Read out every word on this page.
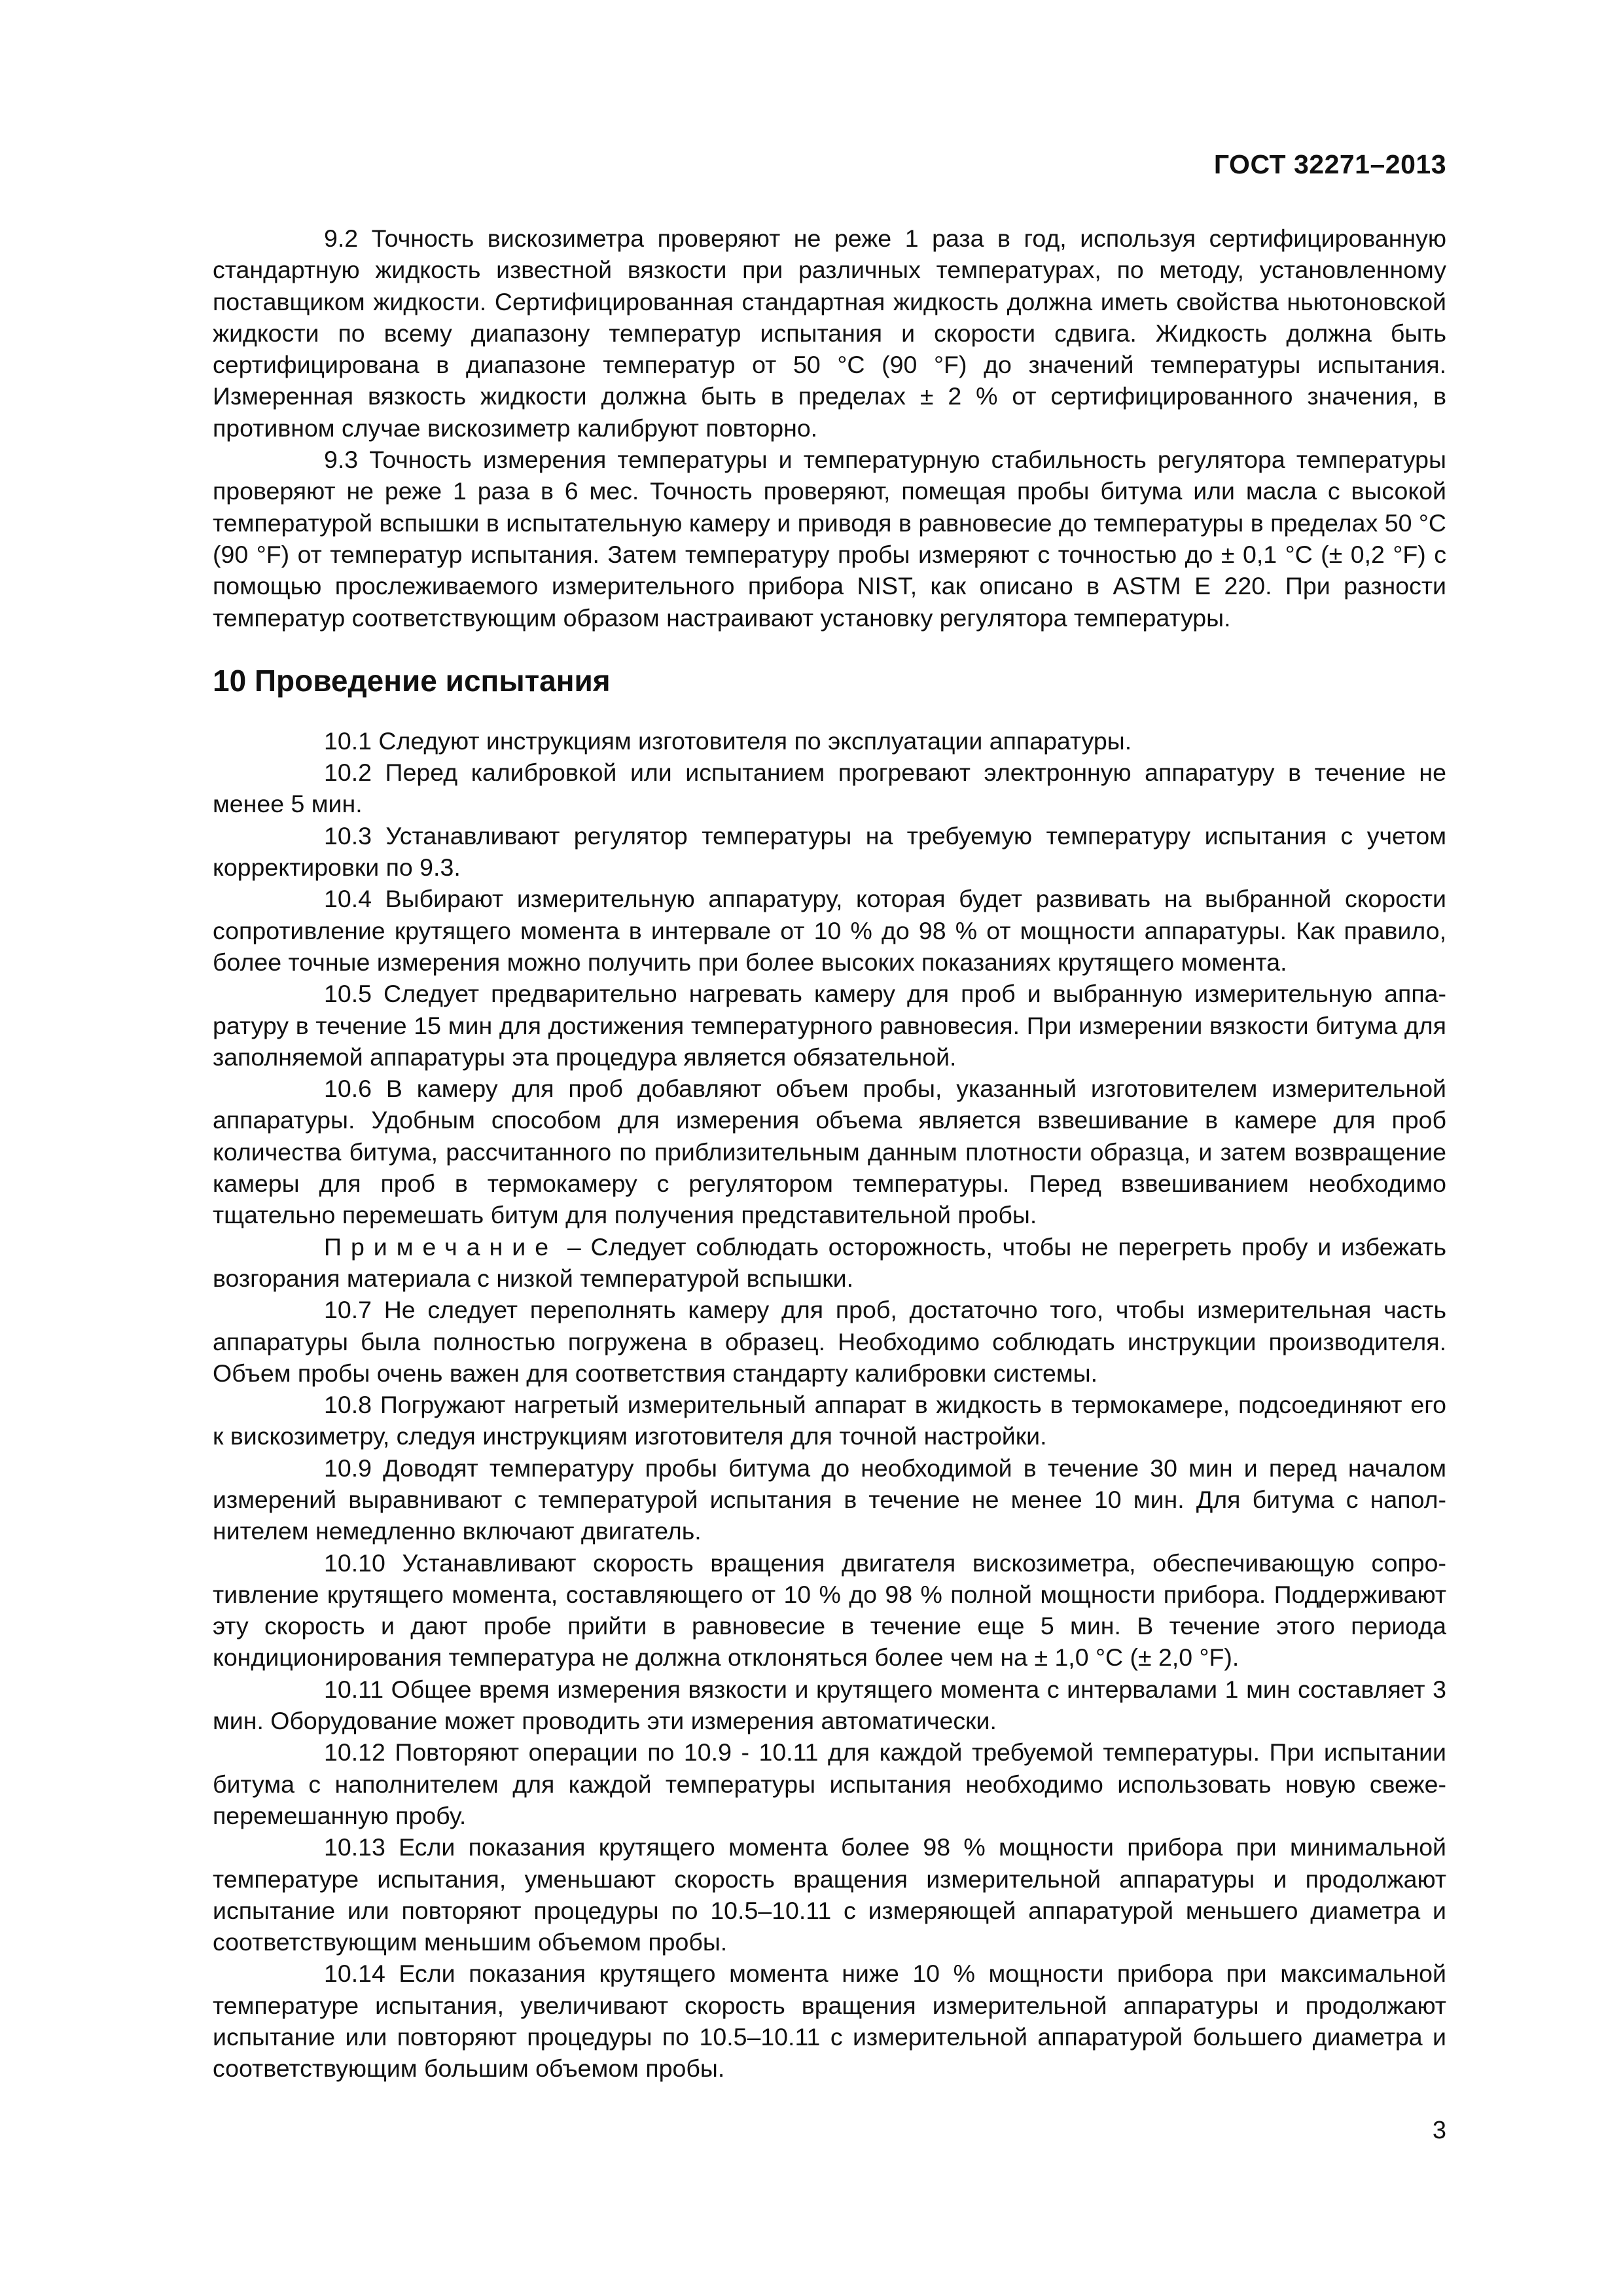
ГОСТ 32271–2013

9.2 Точность вискозиметра проверяют не реже 1 раза в год, используя сертифицированную стандартную жидкость известной вязкости при различных температурах, по методу, установленному поставщиком жидкости. Сертифицированная стандартная жидкость должна иметь свойства ньютоновской жидкости по всему диапазону температур испытания и скорости сдвига. Жидкость должна быть сертифицирована в диапазоне температур от 50 °С (90 °F) до значений температуры испытания. Измеренная вязкость жидкости должна быть в пределах ± 2 % от сертифицированного значения, в противном случае вискозиметр калибруют повторно.

9.3 Точность измерения температуры и температурную стабильность регулятора температуры проверяют не реже 1 раза в 6 мес. Точность проверяют, помещая пробы битума или масла с высокой температурой вспышки в испытательную камеру и приводя в равновесие до температуры в пределах 50 °С (90 °F) от температур испытания. Затем температуру пробы измеряют с точностью до ± 0,1 °С (± 0,2 °F) с помощью прослеживаемого измерительного прибора NIST, как описано в ASTM E 220. При разности температур соответствующим образом настраивают установку регулятора температуры.

10 Проведение испытания

10.1 Следуют инструкциям изготовителя по эксплуатации аппаратуры.

10.2 Перед калибровкой или испытанием прогревают электронную аппаратуру в течение не менее 5 мин.

10.3 Устанавливают регулятор температуры на требуемую температуру испытания с учетом корректировки по 9.3.

10.4 Выбирают измерительную аппаратуру, которая будет развивать на выбранной скорости сопротивление крутящего момента в интервале от 10 % до 98 % от мощности аппаратуры. Как правило, более точные измерения можно получить при более высоких показаниях крутящего момента.

10.5 Следует предварительно нагревать камеру для проб и выбранную измерительную аппаратуру в течение 15 мин для достижения температурного равновесия. При измерении вязкости битума для заполняемой аппаратуры эта процедура является обязательной.

10.6 В камеру для проб добавляют объем пробы, указанный изготовителем измерительной аппаратуры. Удобным способом для измерения объема является взвешивание в камере для проб количества битума, рассчитанного по приблизительным данным плотности образца, и затем возвращение камеры для проб в термокамеру с регулятором температуры. Перед взвешиванием необходимо тщательно перемешать битум для получения представительной пробы.

Примечание – Следует соблюдать осторожность, чтобы не перегреть пробу и избежать возгорания материала с низкой температурой вспышки.

10.7 Не следует переполнять камеру для проб, достаточно того, чтобы измерительная часть аппаратуры была полностью погружена в образец. Необходимо соблюдать инструкции производителя. Объем пробы очень важен для соответствия стандарту калибровки системы.

10.8 Погружают нагретый измерительный аппарат в жидкость в термокамере, подсоединяют его к вискозиметру, следуя инструкциям изготовителя для точной настройки.

10.9 Доводят температуру пробы битума до необходимой в течение 30 мин и перед началом измерений выравнивают с температурой испытания в течение не менее 10 мин. Для битума с наполнителем немедленно включают двигатель.

10.10 Устанавливают скорость вращения двигателя вискозиметра, обеспечивающую сопротивление крутящего момента, составляющего от 10 % до 98 % полной мощности прибора. Поддерживают эту скорость и дают пробе прийти в равновесие в течение еще 5 мин. В течение этого периода кондиционирования температура не должна отклоняться более чем на ± 1,0 °С (± 2,0 °F).

10.11 Общее время измерения вязкости и крутящего момента с интервалами 1 мин составляет 3 мин. Оборудование может проводить эти измерения автоматически.

10.12 Повторяют операции по 10.9 - 10.11 для каждой требуемой температуры. При испытании битума с наполнителем для каждой температуры испытания необходимо использовать новую свежеперемешанную пробу.

10.13 Если показания крутящего момента более 98 % мощности прибора при минимальной температуре испытания, уменьшают скорость вращения измерительной аппаратуры и продолжают испытание или повторяют процедуры по 10.5–10.11 с измеряющей аппаратурой меньшего диаметра и соответствующим меньшим объемом пробы.

10.14 Если показания крутящего момента ниже 10 % мощности прибора при максимальной температуре испытания, увеличивают скорость вращения измерительной аппаратуры и продолжают испытание или повторяют процедуры по 10.5–10.11 с измерительной аппаратурой большего диаметра и соответствующим большим объемом пробы.

3
